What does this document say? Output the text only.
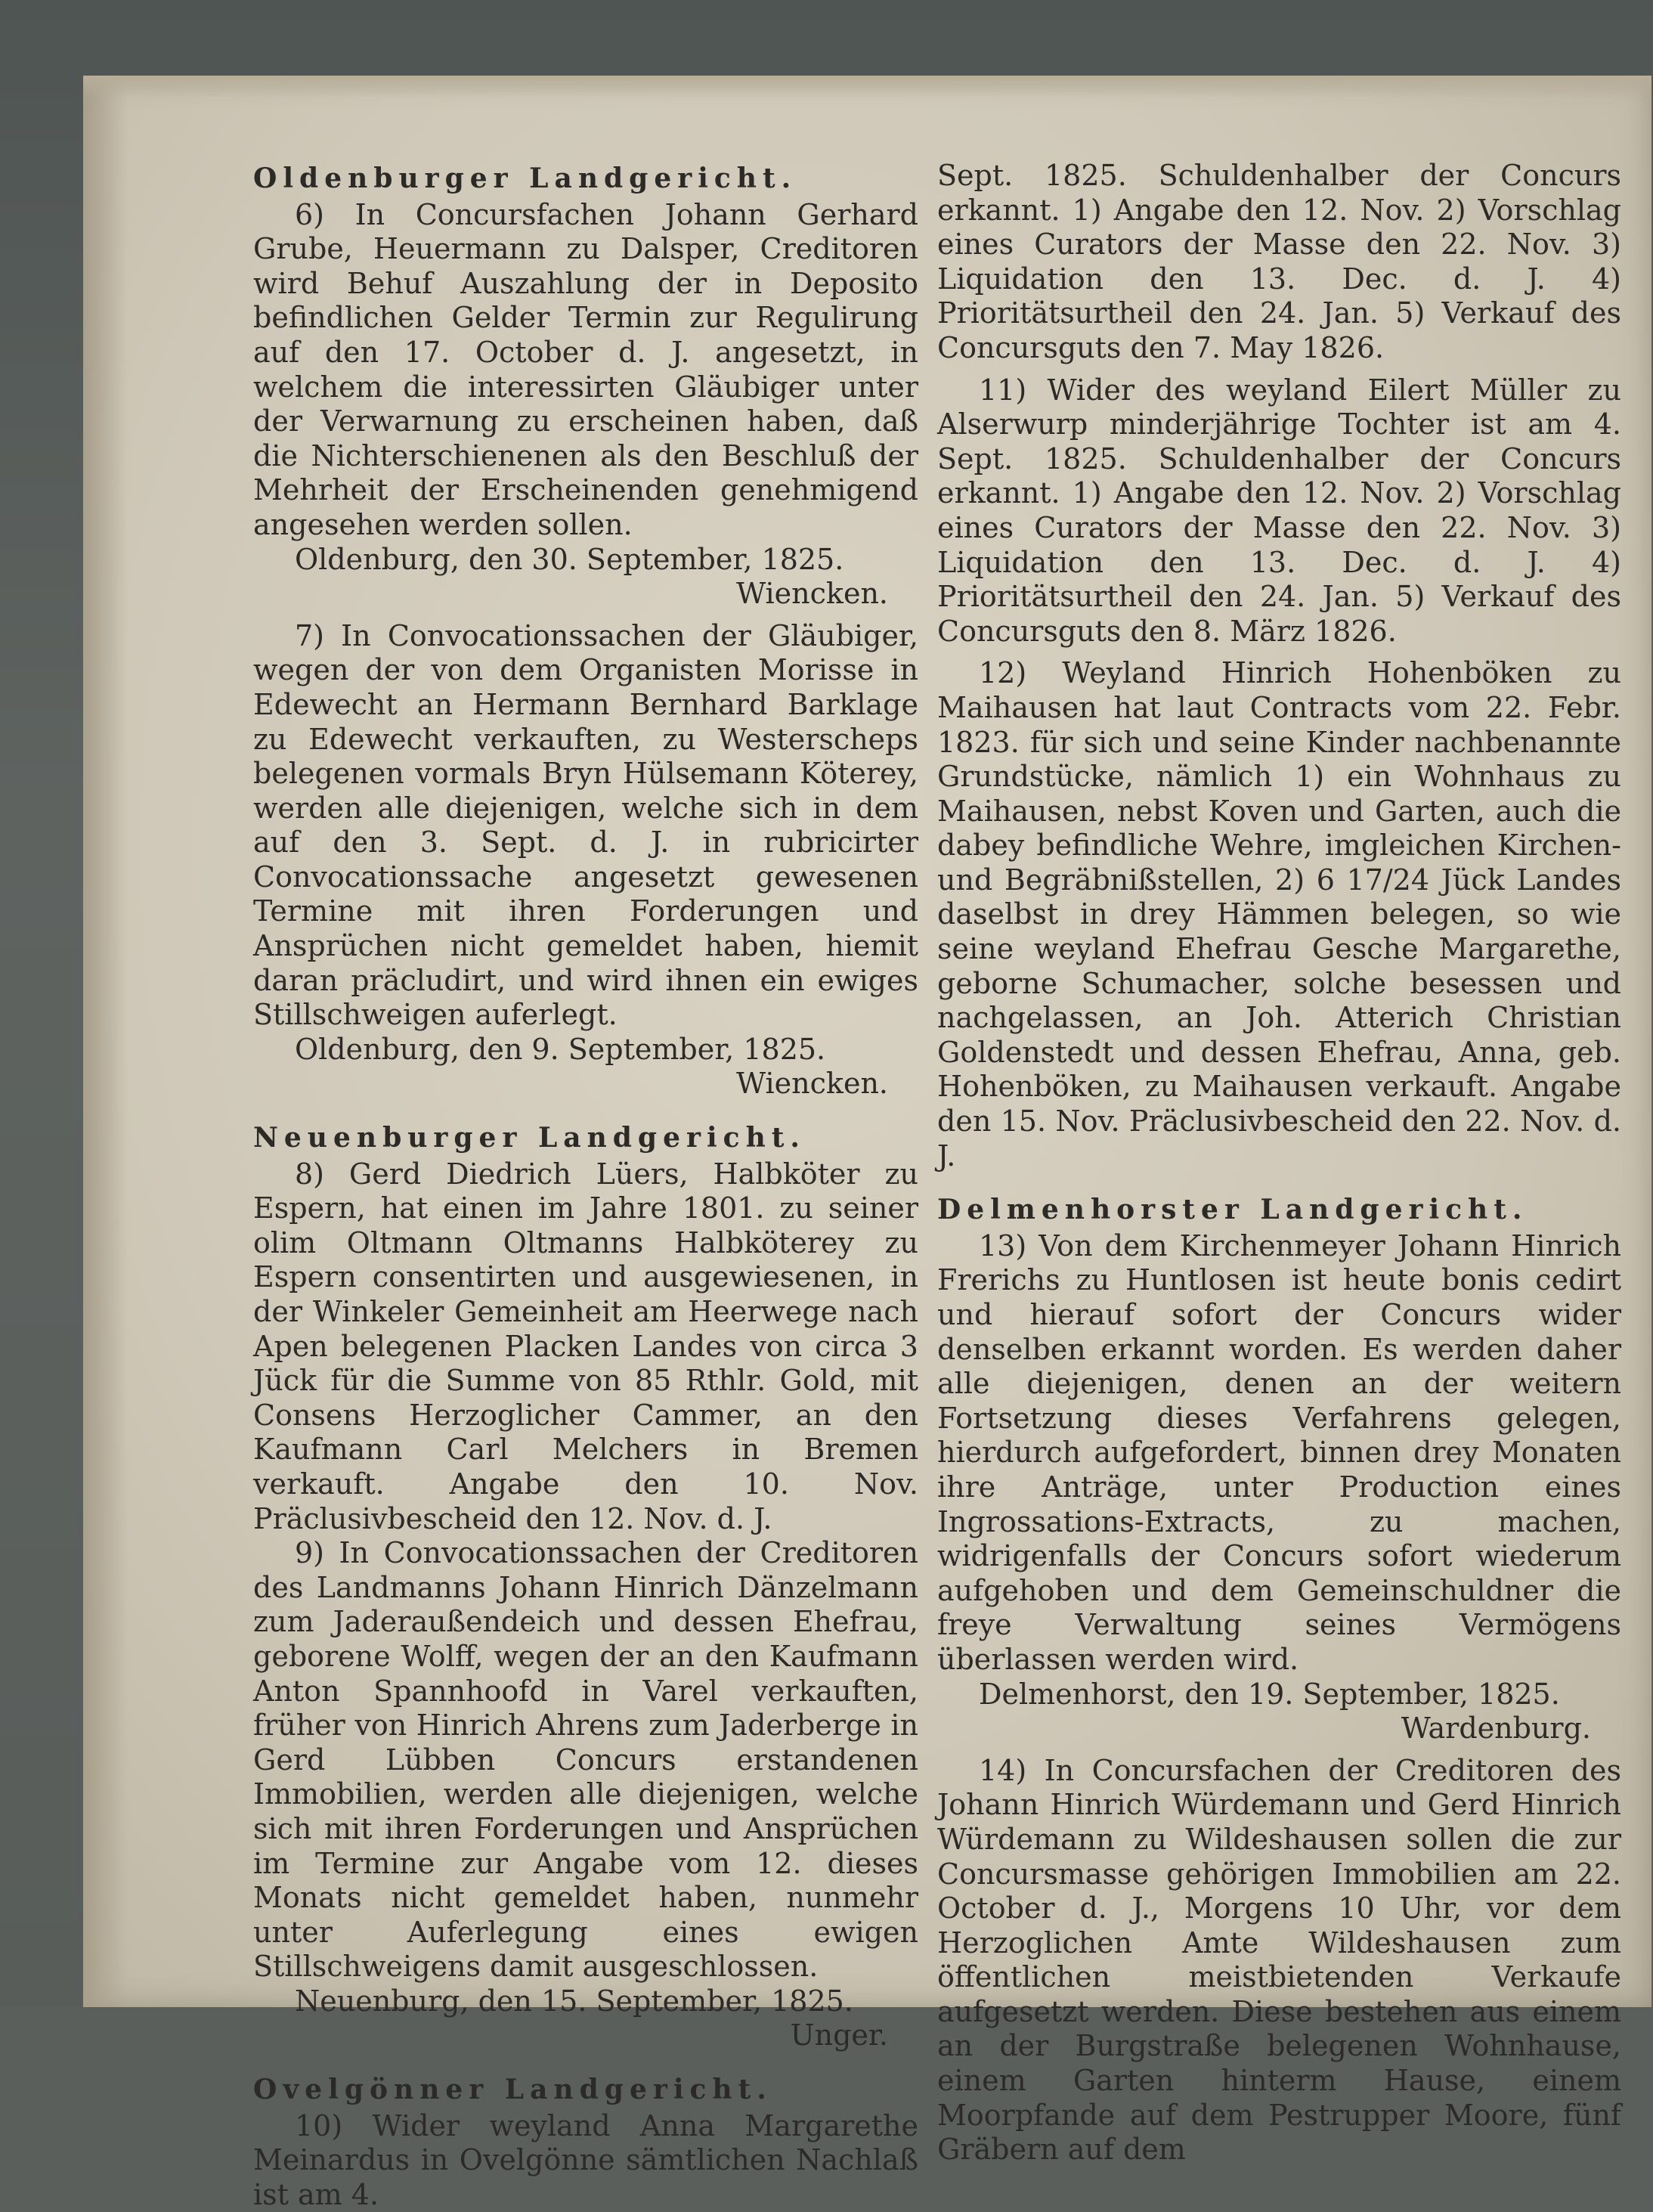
Oldenburger Landgericht.

6) In Concursfachen Johann Gerhard Grube, Heuermann zu Dalsper, Creditoren wird Behuf Auszahlung der in Deposito befindlichen Gelder Termin zur Regulirung auf den 17. October d. J. angesetzt, in welchem die interessirten Gläubiger unter der Verwarnung zu erscheinen haben, daß die Nichterschienenen als den Beschluß der Mehrheit der Erscheinenden genehmigend angesehen werden sollen.

Oldenburg, den 30. September, 1825.

Wiencken.

7) In Convocationssachen der Gläubiger, wegen der von dem Organisten Morisse in Edewecht an Hermann Bernhard Barklage zu Edewecht verkauften, zu Westerscheps belegenen vormals Bryn Hülsemann Köterey, werden alle diejenigen, welche sich in dem auf den 3. Sept. d. J. in rubricirter Convocationssache angesetzt gewesenen Termine mit ihren Forderungen und Ansprüchen nicht gemeldet haben, hiemit daran präcludirt, und wird ihnen ein ewiges Stillschweigen auferlegt.

Oldenburg, den 9. September, 1825.

Wiencken.

Neuenburger Landgericht.

8) Gerd Diedrich Lüers, Halbköter zu Espern, hat einen im Jahre 1801. zu seiner olim Oltmann Oltmanns Halbköterey zu Espern consentirten und ausgewiesenen, in der Winkeler Gemeinheit am Heerwege nach Apen belegenen Placken Landes von circa 3 Jück für die Summe von 85 Rthlr. Gold, mit Consens Herzoglicher Cammer, an den Kaufmann Carl Melchers in Bremen verkauft. Angabe den 10. Nov. Präclusivbescheid den 12. Nov. d. J.

9) In Convocationssachen der Creditoren des Landmanns Johann Hinrich Dänzelmann zum Jaderaußendeich und dessen Ehefrau, geborene Wolff, wegen der an den Kaufmann Anton Spannhoofd in Varel verkauften, früher von Hinrich Ahrens zum Jaderberge in Gerd Lübben Concurs erstandenen Immobilien, werden alle diejenigen, welche sich mit ihren Forderungen und Ansprüchen im Termine zur Angabe vom 12. dieses Monats nicht gemeldet haben, nunmehr unter Auferlegung eines ewigen Stillschweigens damit ausgeschlossen.

Neuenburg, den 15. September, 1825.

Unger.

Ovelgönner Landgericht.

10) Wider weyland Anna Margarethe Meinardus in Ovelgönne sämtlichen Nachlaß ist am 4.

Sept. 1825. Schuldenhalber der Concurs erkannt. 1) Angabe den 12. Nov. 2) Vorschlag eines Curators der Masse den 22. Nov. 3) Liquidation den 13. Dec. d. J. 4) Prioritätsurtheil den 24. Jan. 5) Verkauf des Concursguts den 7. May 1826.

11) Wider des weyland Eilert Müller zu Alserwurp minderjährige Tochter ist am 4. Sept. 1825. Schuldenhalber der Concurs erkannt. 1) Angabe den 12. Nov. 2) Vorschlag eines Curators der Masse den 22. Nov. 3) Liquidation den 13. Dec. d. J. 4) Prioritätsurtheil den 24. Jan. 5) Verkauf des Concursguts den 8. März 1826.

12) Weyland Hinrich Hohenböken zu Maihausen hat laut Contracts vom 22. Febr. 1823. für sich und seine Kinder nachbenannte Grundstücke, nämlich 1) ein Wohnhaus zu Maihausen, nebst Koven und Garten, auch die dabey befindliche Wehre, imgleichen Kirchen- und Begräbnißstellen, 2) 6 17/24 Jück Landes daselbst in drey Hämmen belegen, so wie seine weyland Ehefrau Gesche Margarethe, geborne Schumacher, solche besessen und nachgelassen, an Joh. Atterich Christian Goldenstedt und dessen Ehefrau, Anna, geb. Hohenböken, zu Maihausen verkauft. Angabe den 15. Nov. Präclusivbescheid den 22. Nov. d. J.

Delmenhorster Landgericht.

13) Von dem Kirchenmeyer Johann Hinrich Frerichs zu Huntlosen ist heute bonis cedirt und hierauf sofort der Concurs wider denselben erkannt worden. Es werden daher alle diejenigen, denen an der weitern Fortsetzung dieses Verfahrens gelegen, hierdurch aufgefordert, binnen drey Monaten ihre Anträge, unter Production eines Ingrossations-Extracts, zu machen, widrigenfalls der Concurs sofort wiederum aufgehoben und dem Gemeinschuldner die freye Verwaltung seines Vermögens überlassen werden wird.

Delmenhorst, den 19. September, 1825.

Wardenburg.

14) In Concursfachen der Creditoren des Johann Hinrich Würdemann und Gerd Hinrich Würdemann zu Wildeshausen sollen die zur Concursmasse gehörigen Immobilien am 22. October d. J., Morgens 10 Uhr, vor dem Herzoglichen Amte Wildeshausen zum öffentlichen meistbietenden Verkaufe aufgesetzt werden. Diese bestehen aus einem an der Burgstraße belegenen Wohnhause, einem Garten hinterm Hause, einem Moorpfande auf dem Pestrupper Moore, fünf Gräbern auf dem
